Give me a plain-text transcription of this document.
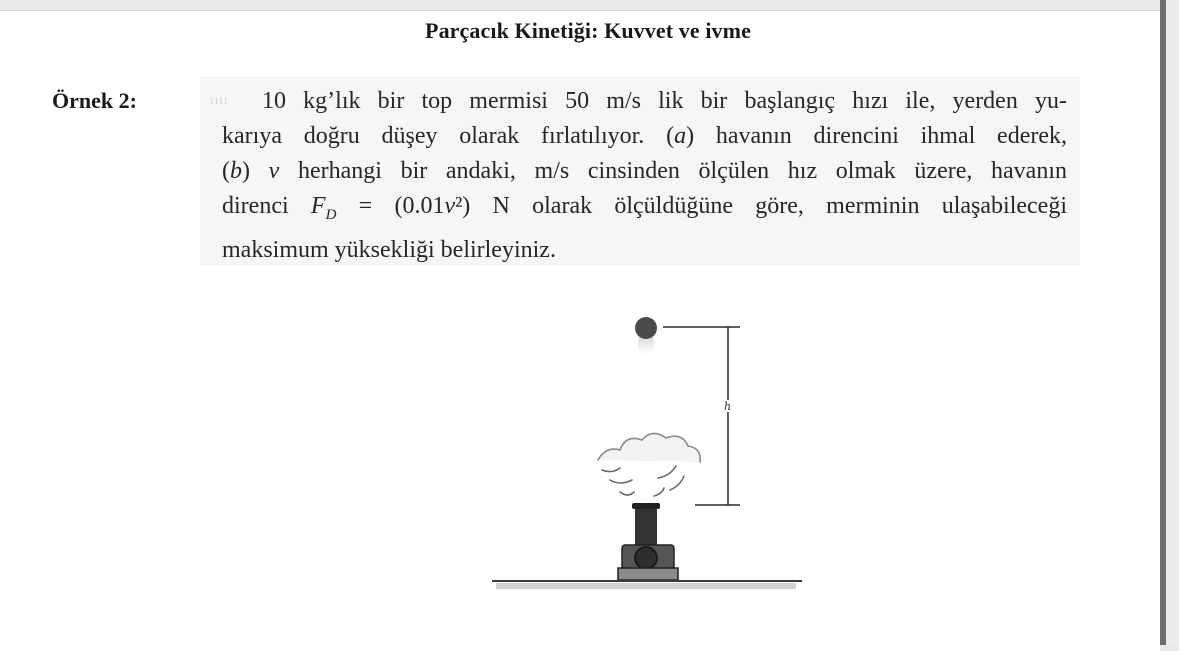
Parçacık Kinetiği: Kuvvet ve ivme
Örnek 2:	ııtı	10 kg’lık bir top mermisi 50 m/s lik bir başlangıç hızı ile, yerden yu-
karıya doğru düşey olarak fırlatılıyor. (a) havanın direncini ihmal ederek,
(b) v herhangi bir andaki, m/s cinsinden ölçülen hız olmak üzere, havanın
direnci $F_D = (0.01v^2)$ N olarak ölçüldüğüne göre, merminin ulaşabileceği
maksimum yüksekliği belirleyiniz.
h
